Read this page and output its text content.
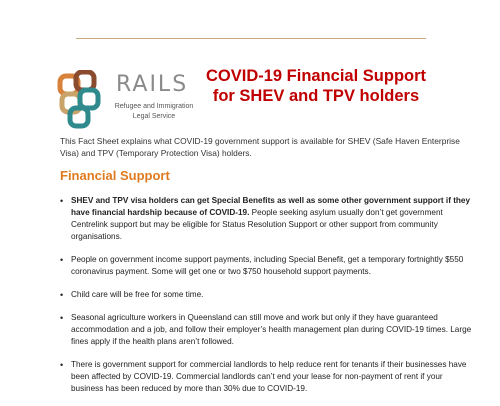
RAILS
Refugee and Immigration Legal Service
COVID-19 Financial Support for SHEV and TPV holders

This Fact Sheet explains what COVID-19 government support is available for SHEV (Safe Haven Enterprise Visa) and TPV (Temporary Protection Visa) holders.

Financial Support
• SHEV and TPV visa holders can get Special Benefits as well as some other government support if they have financial hardship because of COVID-19. People seeking asylum usually don’t get government Centrelink support but may be eligible for Status Resolution Support or other support from community organisations.
• People on government income support payments, including Special Benefit, get a temporary fortnightly $550 coronavirus payment. Some will get one or two $750 household support payments.
• Child care will be free for some time.
• Seasonal agriculture workers in Queensland can still move and work but only if they have guaranteed accommodation and a job, and follow their employer’s health management plan during COVID-19 times. Large fines apply if the health plans aren’t followed.
• There is government support for commercial landlords to help reduce rent for tenants if their businesses have been affected by COVID-19. Commercial landlords can’t end your lease for non-payment of rent if your business has been reduced by more than 30% due to COVID-19.
